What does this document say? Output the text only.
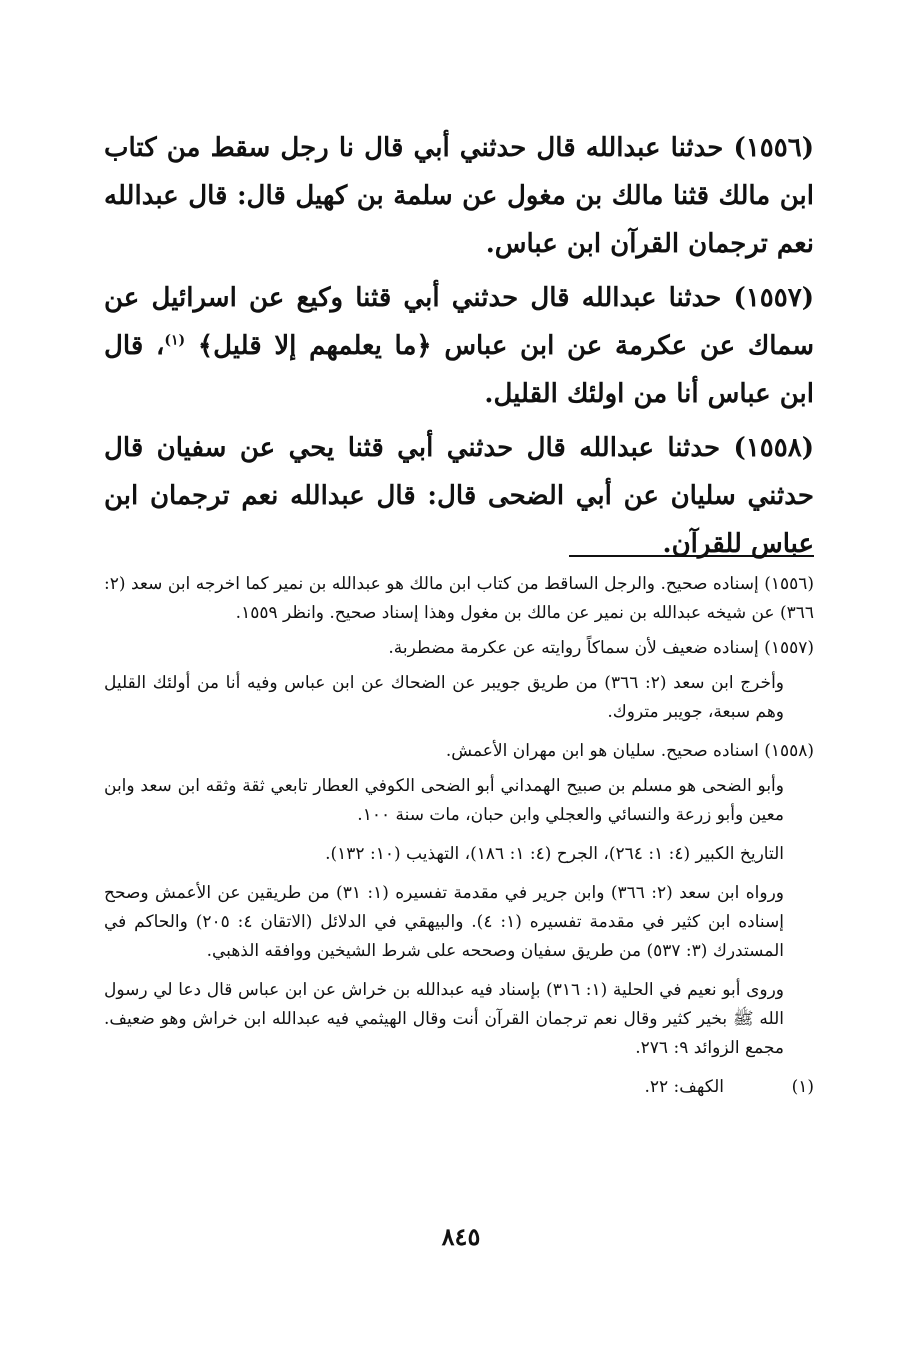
(١٥٥٦) حدثنا عبدالله قال حدثني أبي قال نا رجل سقط من كتاب ابن مالك قثنا مالك بن مغول عن سلمة بن كهيل قال: قال عبدالله نعم ترجمان القرآن ابن عباس.

(١٥٥٧) حدثنا عبدالله قال حدثني أبي قثنا وكيع عن اسرائيل عن سماك عن عكرمة عن ابن عباس ﴿ما يعلمهم إلا قليل﴾ $^{(١)}$، قال ابن عباس أنا من اولئك القليل.

(١٥٥٨) حدثنا عبدالله قال حدثني أبي قثنا يحي عن سفيان قال حدثني سليان عن أبي الضحى قال: قال عبدالله نعم ترجمان ابن عباس للقرآن.

(١٥٥٦) إسناده صحيح. والرجل الساقط من كتاب ابن مالك هو عبدالله بن نمير كما اخرجه ابن سعد (٢: ٣٦٦) عن شيخه عبدالله بن نمير عن مالك بن مغول وهذا إسناد صحيح. وانظر ١٥٥٩.

(١٥٥٧) إسناده ضعيف لأن سماكاً روايته عن عكرمة مضطربة.

وأخرج ابن سعد (٢: ٣٦٦) من طريق جويبر عن الضحاك عن ابن عباس وفيه أنا من أولئك القليل وهم سبعة، جويبر متروك.

(١٥٥٨) اسناده صحيح. سليان هو ابن مهران الأعمش.

وأبو الضحى هو مسلم بن صبيح الهمداني أبو الضحى الكوفي العطار تابعي ثقة وثقه ابن سعد وابن معين وأبو زرعة والنسائي والعجلي وابن حبان، مات سنة ١٠٠.

التاريخ الكبير (٤: ١: ٢٦٤)، الجرح (٤: ١: ١٨٦)، التهذيب (١٠: ١٣٢).

ورواه ابن سعد (٢: ٣٦٦) وابن جرير في مقدمة تفسيره (١: ٣١) من طريقين عن الأعمش وصحح إسناده ابن كثير في مقدمة تفسيره (١: ٤). والبيهقي في الدلائل (الاتقان ٤: ٢٠٥) والحاكم في المستدرك (٣: ٥٣٧) من طريق سفيان وصححه على شرط الشيخين ووافقه الذهبي.

وروى أبو نعيم في الحلية (١: ٣١٦) بإسناد فيه عبدالله بن خراش عن ابن عباس قال دعا لي رسول الله ﷺ بخير كثير وقال نعم ترجمان القرآن أنت وقال الهيثمي فيه عبدالله ابن خراش وهو ضعيف. مجمع الزوائد ٩: ٢٧٦.

(١)
الكهف: ٢٢.
٨٤٥
